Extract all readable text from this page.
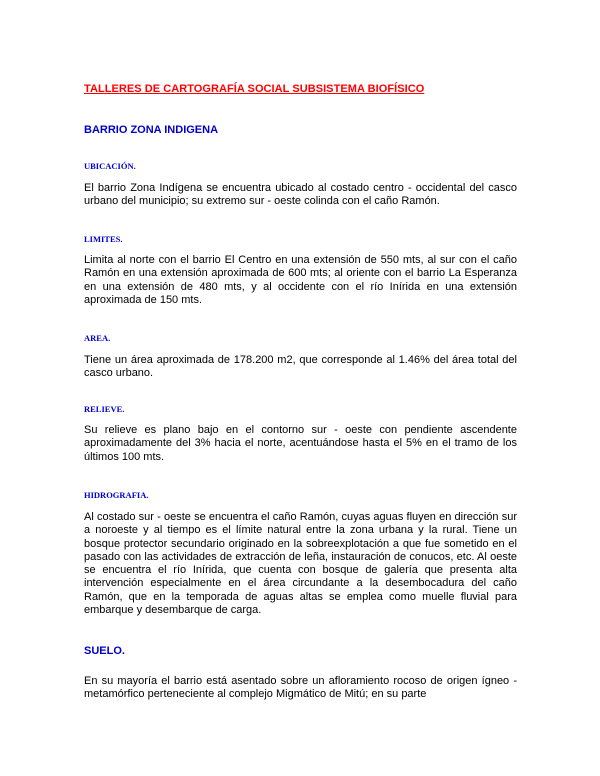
TALLERES DE CARTOGRAFÍA SOCIAL SUBSISTEMA BIOFÍSICO
BARRIO ZONA INDIGENA
UBICACIÓN.

El barrio Zona Indígena se encuentra ubicado al costado centro - occidental del casco urbano del municipio; su extremo sur - oeste colinda con el caño Ramón.

LIMITES.

Limita al norte con el barrio El Centro en una extensión de 550 mts, al sur con el caño Ramón en una extensión aproximada de 600 mts; al oriente con el barrio La Esperanza en una extensión de 480 mts, y al occidente con el río Inírida en una extensión aproximada de 150 mts.

AREA.

Tiene un área aproximada de 178.200 m2, que corresponde al 1.46% del área total del casco urbano.

RELIEVE.

Su relieve es plano bajo en el contorno sur - oeste con pendiente ascendente aproximadamente del 3% hacia el norte, acentuándose hasta el 5% en el tramo de los últimos 100 mts.

HIDROGRAFIA.

Al costado sur - oeste se encuentra el caño Ramón, cuyas aguas fluyen en dirección sur a noroeste y al tiempo es el límite natural entre la zona urbana y la rural. Tiene un bosque protector secundario originado en la sobreexplotación a que fue sometido en el pasado con las actividades de extracción de leña, instauración de conucos, etc. Al oeste se encuentra el río Inírida, que cuenta con bosque de galería que presenta alta intervención especialmente en el área circundante a la desembocadura del caño Ramón, que en la temporada de aguas altas se emplea como muelle fluvial para embarque y desembarque de carga.

SUELO.

En su mayoría el barrio está asentado sobre un afloramiento rocoso de origen ígneo - metamórfico perteneciente al complejo Migmático de Mitú; en su parte
